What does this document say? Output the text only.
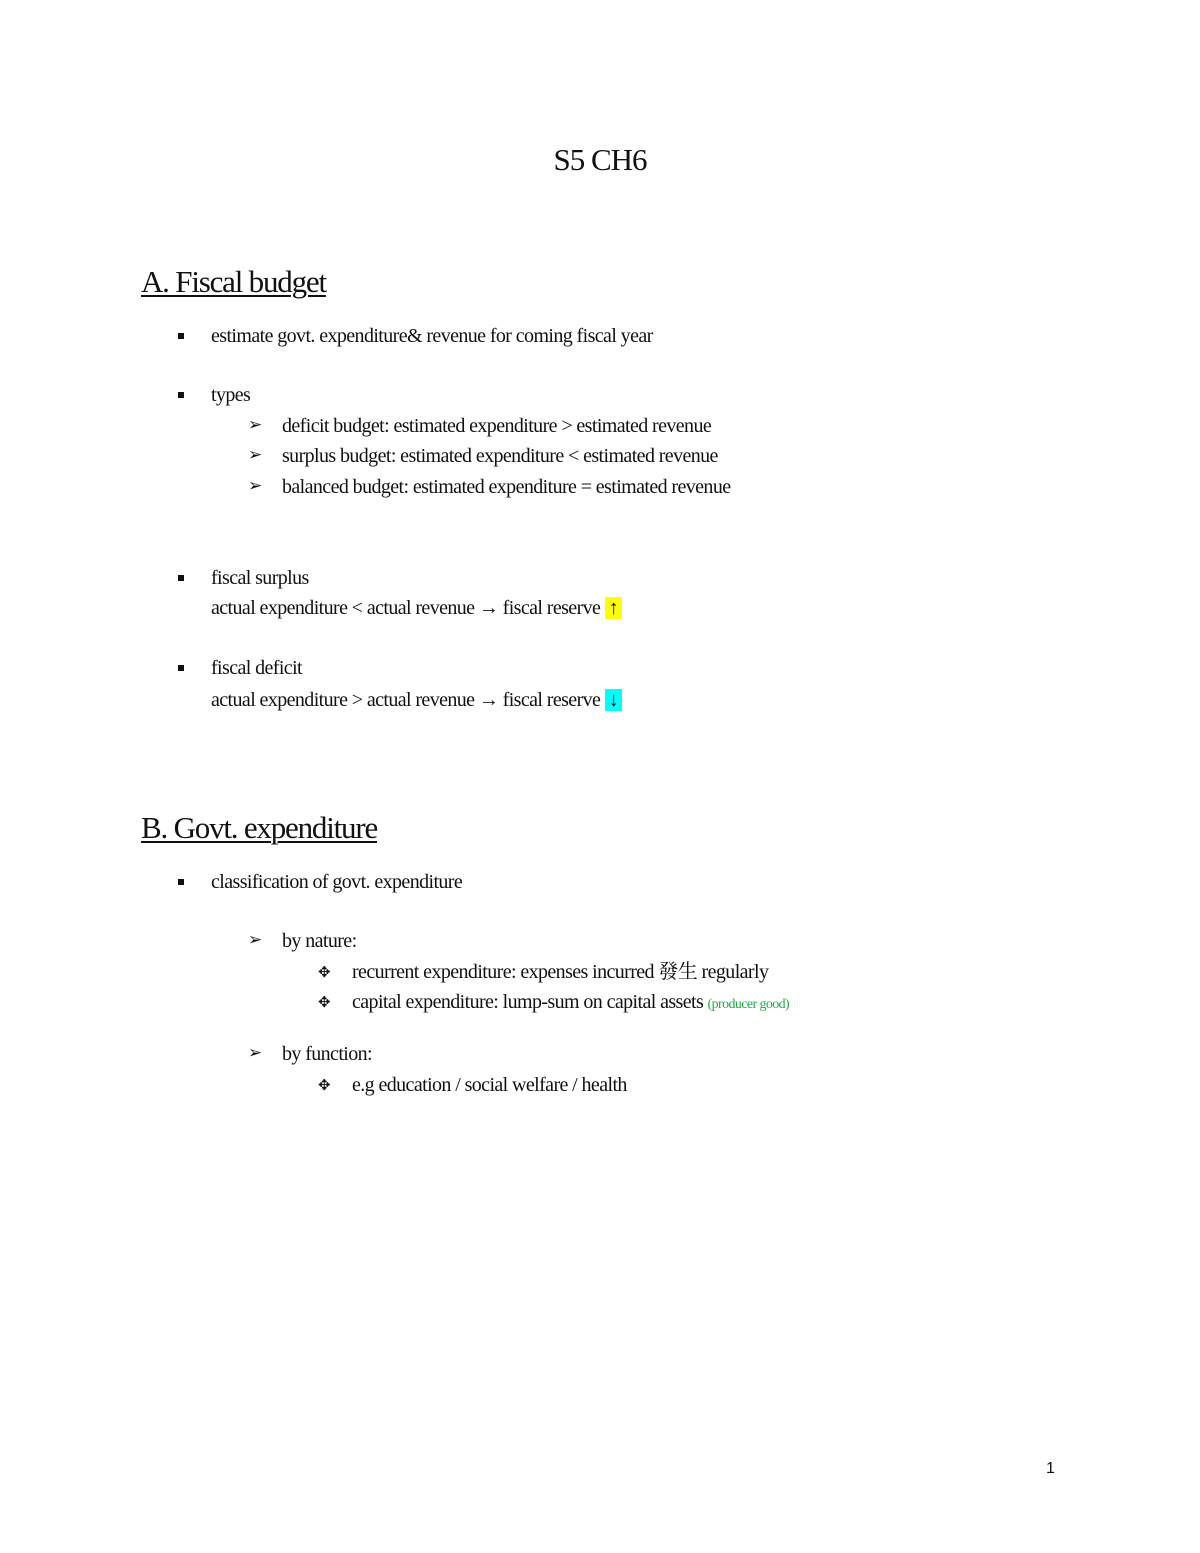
S5 CH6
A. Fiscal budget
estimate govt. expenditure& revenue for coming fiscal year
types
➢ deficit budget: estimated expenditure > estimated revenue
➢ surplus budget: estimated expenditure < estimated revenue
➢ balanced budget: estimated expenditure = estimated revenue
fiscal surplus
actual expenditure < actual revenue → fiscal reserve ↑
fiscal deficit
actual expenditure > actual revenue → fiscal reserve ↓
B. Govt. expenditure
classification of govt. expenditure
➢ by nature:
✥ recurrent expenditure: expenses incurred 發生 regularly
✥ capital expenditure: lump-sum on capital assets (producer good)
➢ by function:
✥ e.g education / social welfare / health
1
